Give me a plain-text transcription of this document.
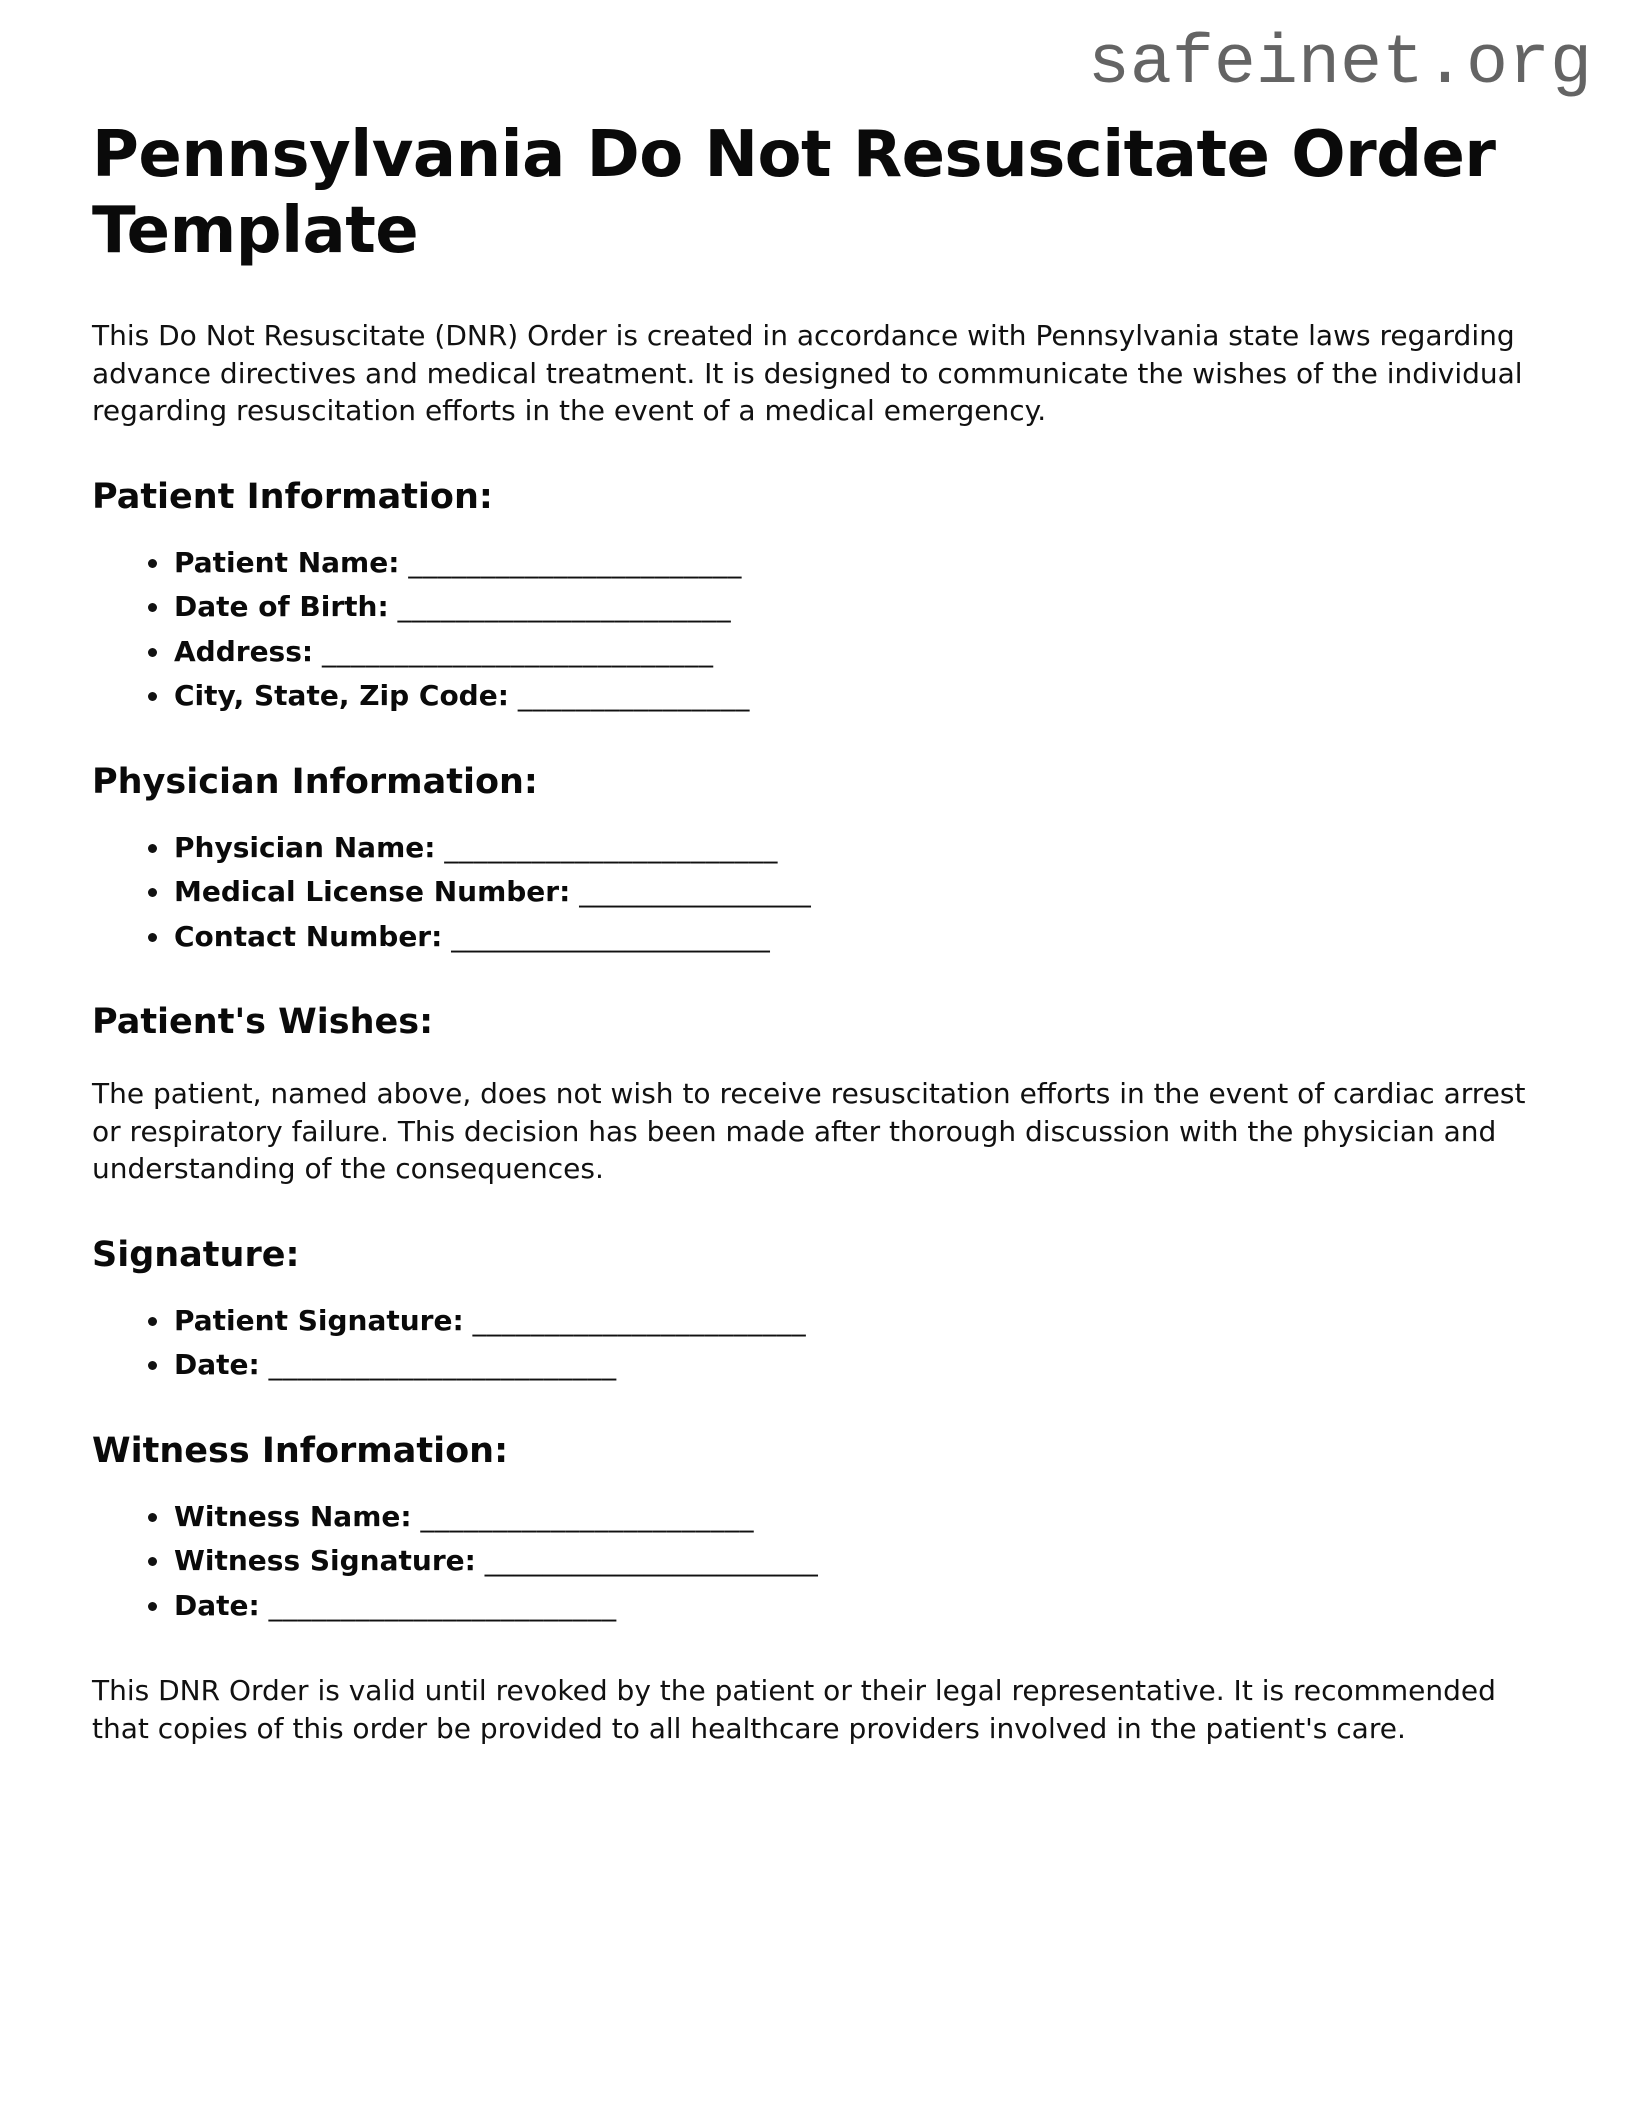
safeinet.org
Pennsylvania Do Not Resuscitate Order Template

This Do Not Resuscitate (DNR) Order is created in accordance with Pennsylvania state laws regarding advance directives and medical treatment. It is designed to communicate the wishes of the individual regarding resuscitation efforts in the event of a medical emergency.

Patient Information:
• Patient Name: _______________________
• Date of Birth: _______________________
• Address: ___________________________
• City, State, Zip Code: ________________
Physician Information:
• Physician Name: _______________________
• Medical License Number: ________________
• Contact Number: ______________________
Patient's Wishes:

The patient, named above, does not wish to receive resuscitation efforts in the event of cardiac arrest or respiratory failure. This decision has been made after thorough discussion with the physician and understanding of the consequences.

Signature:
• Patient Signature: _______________________
• Date: ________________________
Witness Information:
• Witness Name: _______________________
• Witness Signature: _______________________
• Date: ________________________

This DNR Order is valid until revoked by the patient or their legal representative. It is recommended that copies of this order be provided to all healthcare providers involved in the patient's care.
